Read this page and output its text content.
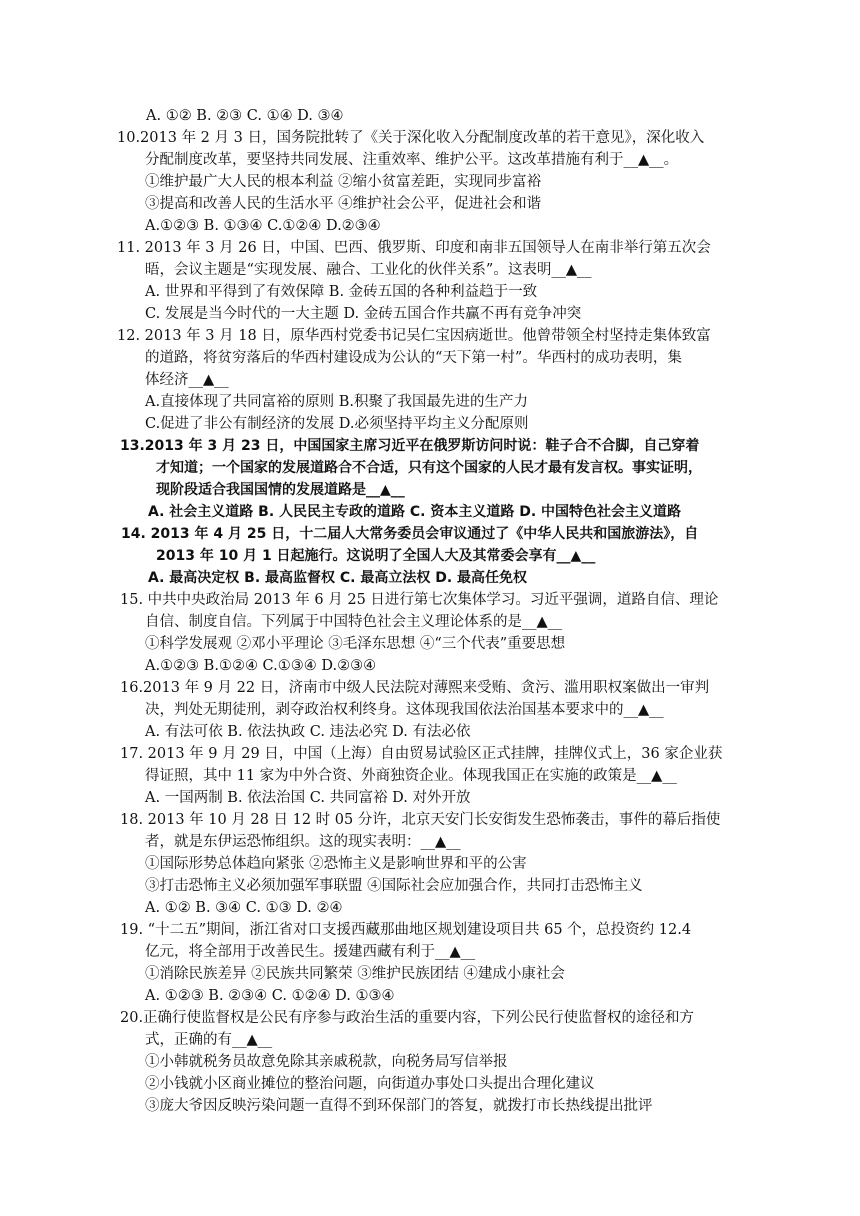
A. ①② B. ②③ C. ①④ D. ③④
10.2013 年 2 月 3 日，国务院批转了《关于深化收入分配制度改革的若干意见》，深化收入
分配制度改革，要坚持共同发展、注重效率、维护公平。这改革措施有利于__▲__。
①维护最广大人民的根本利益 ②缩小贫富差距，实现同步富裕
③提高和改善人民的生活水平 ④维护社会公平，促进社会和谐
A.①②③ B. ①③④ C.①②④ D.②③④
11. 2013 年 3 月 26 日，中国、巴西、俄罗斯、印度和南非五国领导人在南非举行第五次会
晤，会议主题是“实现发展、融合、工业化的伙伴关系”。这表明__▲__
A. 世界和平得到了有效保障 B. 金砖五国的各种利益趋于一致
C. 发展是当今时代的一大主题 D. 金砖五国合作共赢不再有竞争冲突
12. 2013 年 3 月 18 日，原华西村党委书记吴仁宝因病逝世。他曾带领全村坚持走集体致富
的道路，将贫穷落后的华西村建设成为公认的“天下第一村”。华西村的成功表明，集
体经济__▲__
A.直接体现了共同富裕的原则 B.积聚了我国最先进的生产力
C.促进了非公有制经济的发展 D.必须坚持平均主义分配原则
13.2013 年 3 月 23 日，中国国家主席习近平在俄罗斯访问时说：鞋子合不合脚，自己穿着
才知道；一个国家的发展道路合不合适，只有这个国家的人民才最有发言权。事实证明，
现阶段适合我国国情的发展道路是__▲__
A. 社会主义道路 B. 人民民主专政的道路 C. 资本主义道路 D. 中国特色社会主义道路
14. 2013 年 4 月 25 日，十二届人大常务委员会审议通过了《中华人民共和国旅游法》，自
2013 年 10 月 1 日起施行。这说明了全国人大及其常委会享有__▲__
A. 最高决定权 B. 最高监督权 C. 最高立法权 D. 最高任免权
15. 中共中央政治局 2013 年 6 月 25 日进行第七次集体学习。习近平强调，道路自信、理论
自信、制度自信。下列属于中国特色社会主义理论体系的是__▲__
①科学发展观 ②邓小平理论 ③毛泽东思想 ④“三个代表”重要思想
A.①②③ B.①②④ C.①③④ D.②③④
16.2013 年 9 月 22 日，济南市中级人民法院对薄熙来受贿、贪污、滥用职权案做出一审判
决，判处无期徒刑，剥夺政治权利终身。这体现我国依法治国基本要求中的__▲__
A. 有法可依 B. 依法执政 C. 违法必究 D. 有法必依
17. 2013 年 9 月 29 日，中国（上海）自由贸易试验区正式挂牌，挂牌仪式上，36 家企业获
得证照，其中 11 家为中外合资、外商独资企业。体现我国正在实施的政策是__▲__
A. 一国两制 B. 依法治国 C. 共同富裕 D. 对外开放
18. 2013 年 10 月 28 日 12 时 05 分许，北京天安门长安街发生恐怖袭击，事件的幕后指使
者，就是东伊运恐怖组织。这的现实表明：__▲__
①国际形势总体趋向紧张 ②恐怖主义是影响世界和平的公害
③打击恐怖主义必须加强军事联盟 ④国际社会应加强合作，共同打击恐怖主义
A. ①② B. ③④ C. ①③ D. ②④
19. “十二五”期间，浙江省对口支援西藏那曲地区规划建设项目共 65 个，总投资约 12.4
亿元，将全部用于改善民生。援建西藏有利于__▲__
①消除民族差异 ②民族共同繁荣 ③维护民族团结 ④建成小康社会
A. ①②③ B. ②③④ C. ①②④ D. ①③④
20.正确行使监督权是公民有序参与政治生活的重要内容，下列公民行使监督权的途径和方
式，正确的有__▲__
①小韩就税务员故意免除其亲戚税款，向税务局写信举报
②小钱就小区商业摊位的整治问题，向街道办事处口头提出合理化建议
③庞大爷因反映污染问题一直得不到环保部门的答复，就拨打市长热线提出批评
